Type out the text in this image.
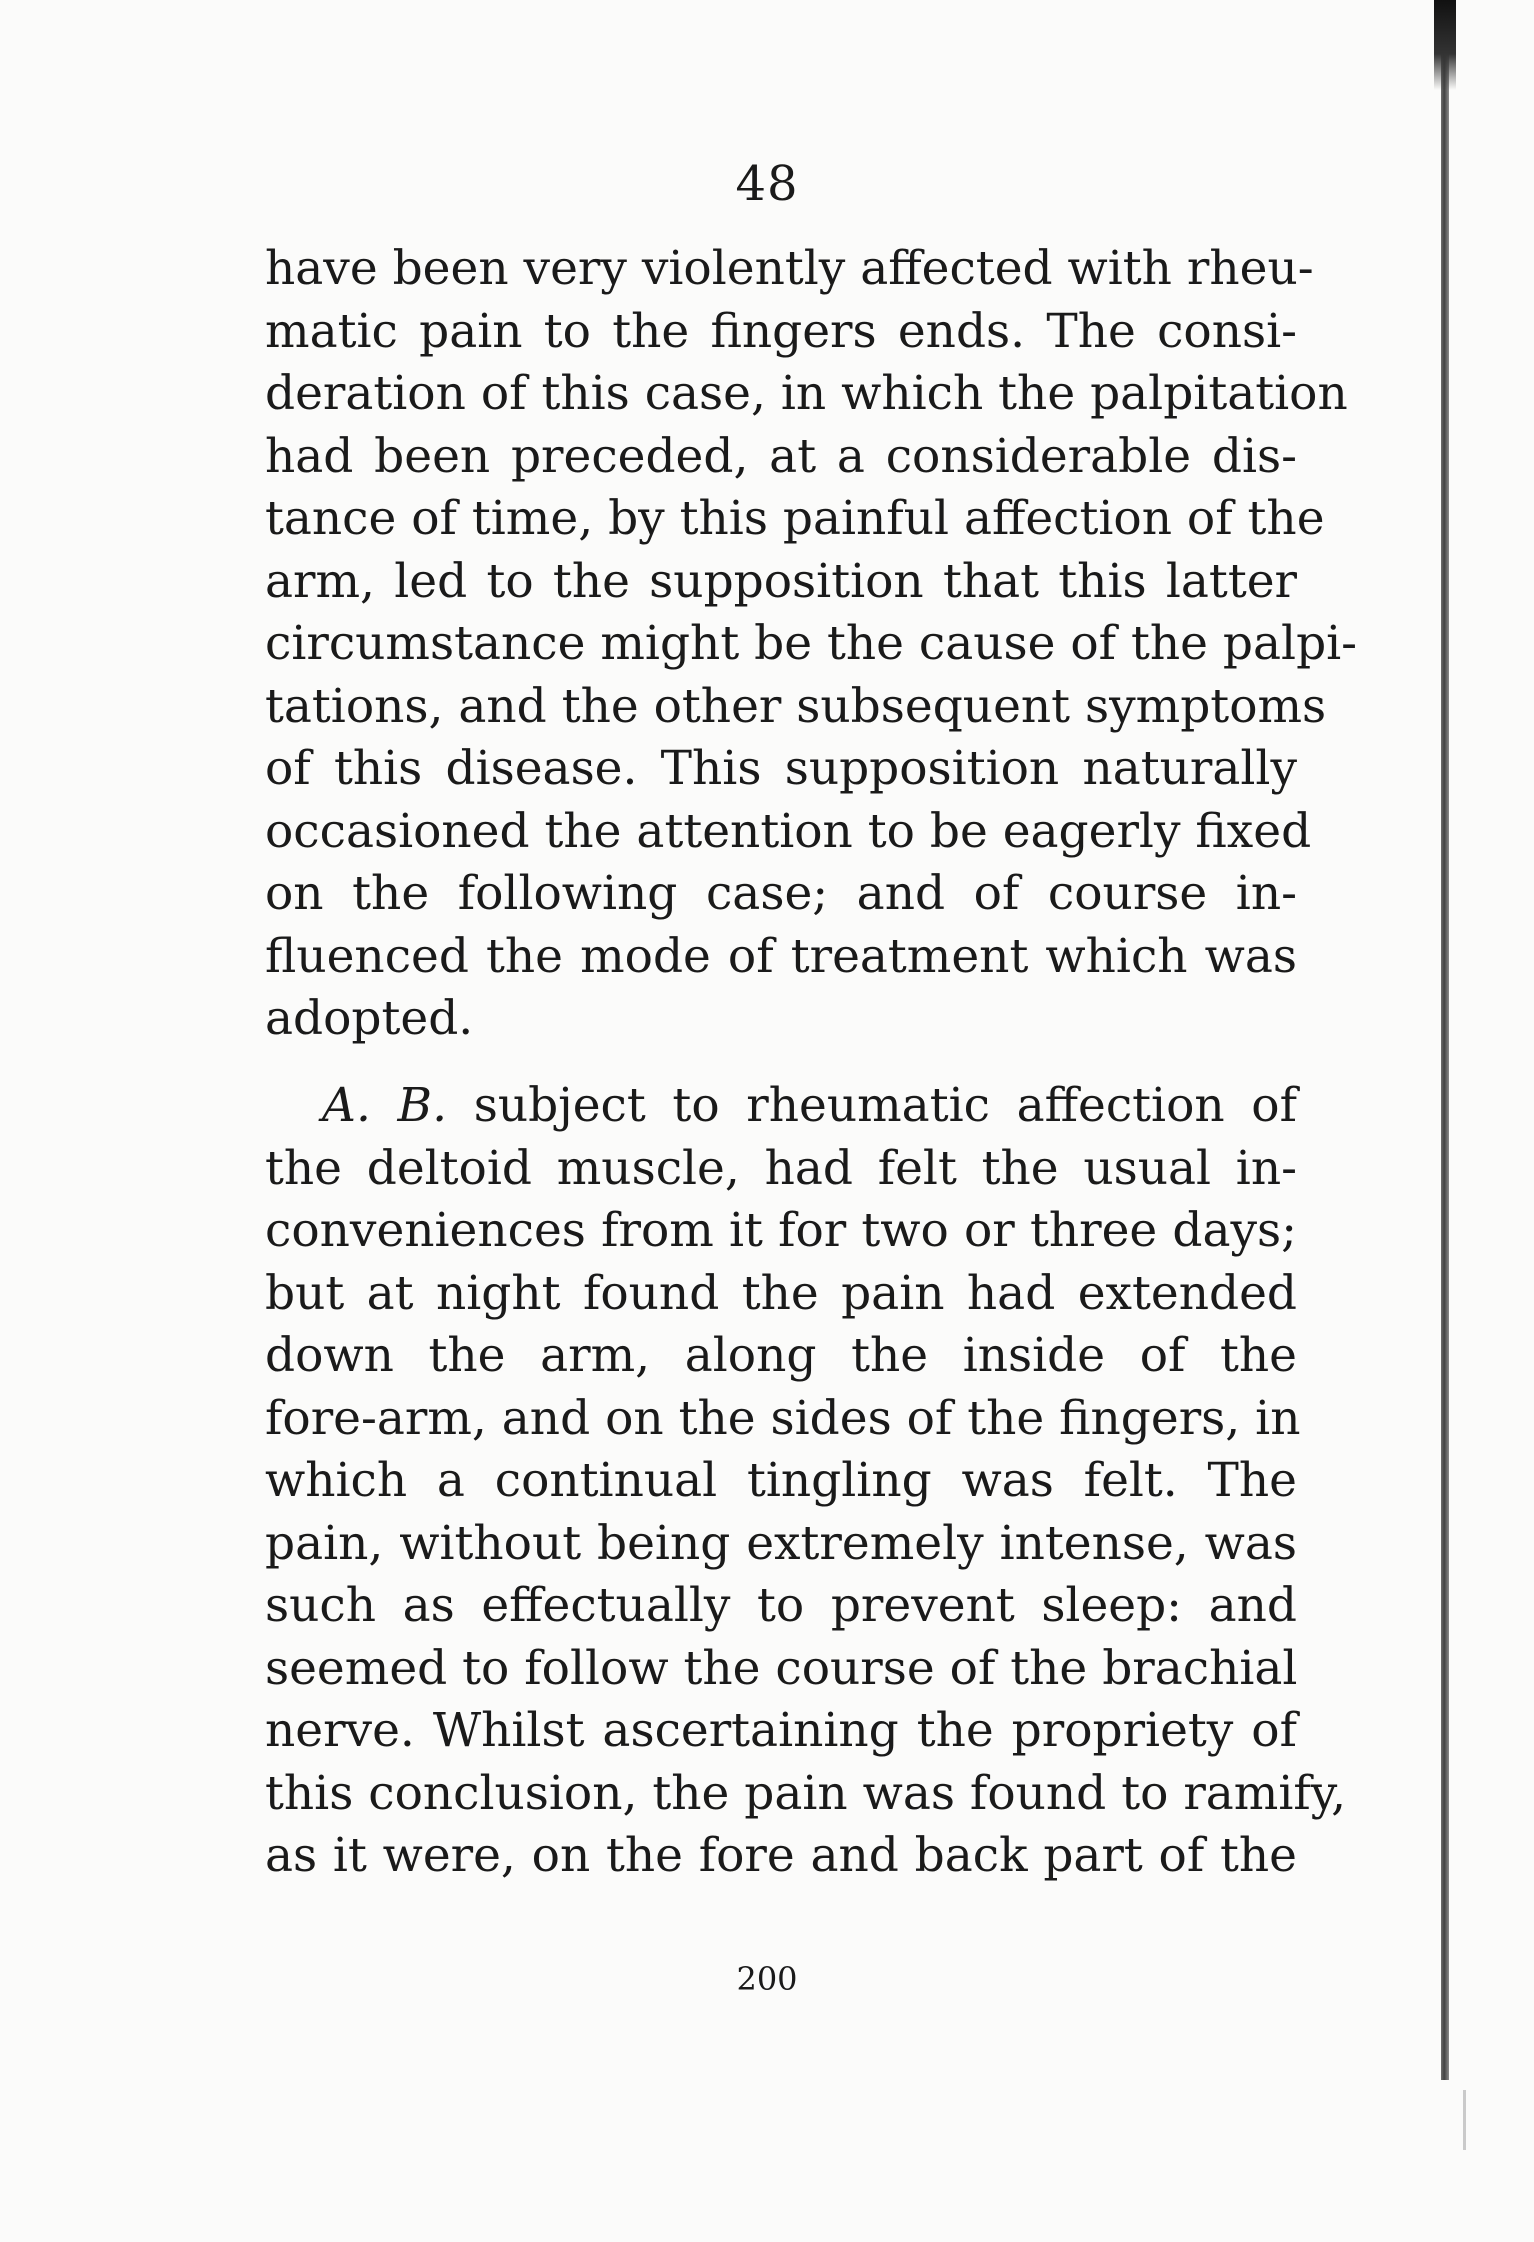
48
have been very violently affected with rheu-
matic pain to the fingers ends. The consi-
deration of this case, in which the palpitation
had been preceded, at a considerable dis-
tance of time, by this painful affection of the
arm, led to the supposition that this latter
circumstance might be the cause of the palpi-
tations, and the other subsequent symptoms
of this disease. This supposition naturally
occasioned the attention to be eagerly fixed
on the following case; and of course in-
fluenced the mode of treatment which was
adopted.
A. B. subject to rheumatic affection of
the deltoid muscle, had felt the usual in-
conveniences from it for two or three days;
but at night found the pain had extended
down the arm, along the inside of the
fore-arm, and on the sides of the fingers, in
which a continual tingling was felt. The
pain, without being extremely intense, was
such as effectually to prevent sleep: and
seemed to follow the course of the brachial
nerve. Whilst ascertaining the propriety of
this conclusion, the pain was found to ramify,
as it were, on the fore and back part of the
200
